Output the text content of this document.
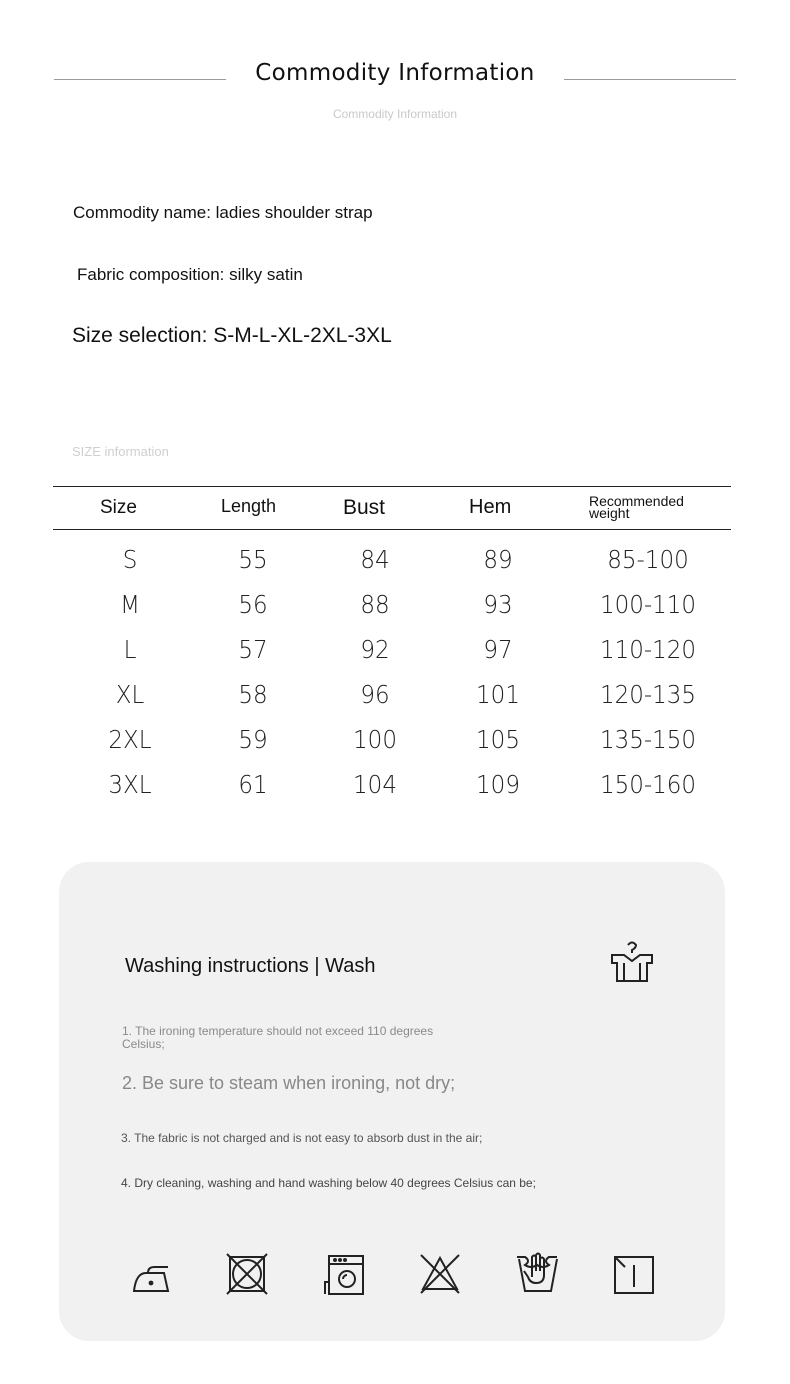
Commodity Information
Commodity Information
Commodity name: ladies shoulder strap
Fabric composition: silky satin
Size selection: S-M-L-XL-2XL-3XL
SIZE information
Size	Length	Bust	Hem	Recommended
weight
S	55	84	89	85-100
M	56	88	93	100-110
L	57	92	97	110-120
XL	58	96	101	120-135
2XL	59	100	105	135-150
3XL	61	104	109	150-160
Washing instructions | Wash
1. The ironing temperature should not exceed 110 degrees Celsius;
2. Be sure to steam when ironing, not dry;
3. The fabric is not charged and is not easy to absorb dust in the air;
4. Dry cleaning, washing and hand washing below 40 degrees Celsius can be;
